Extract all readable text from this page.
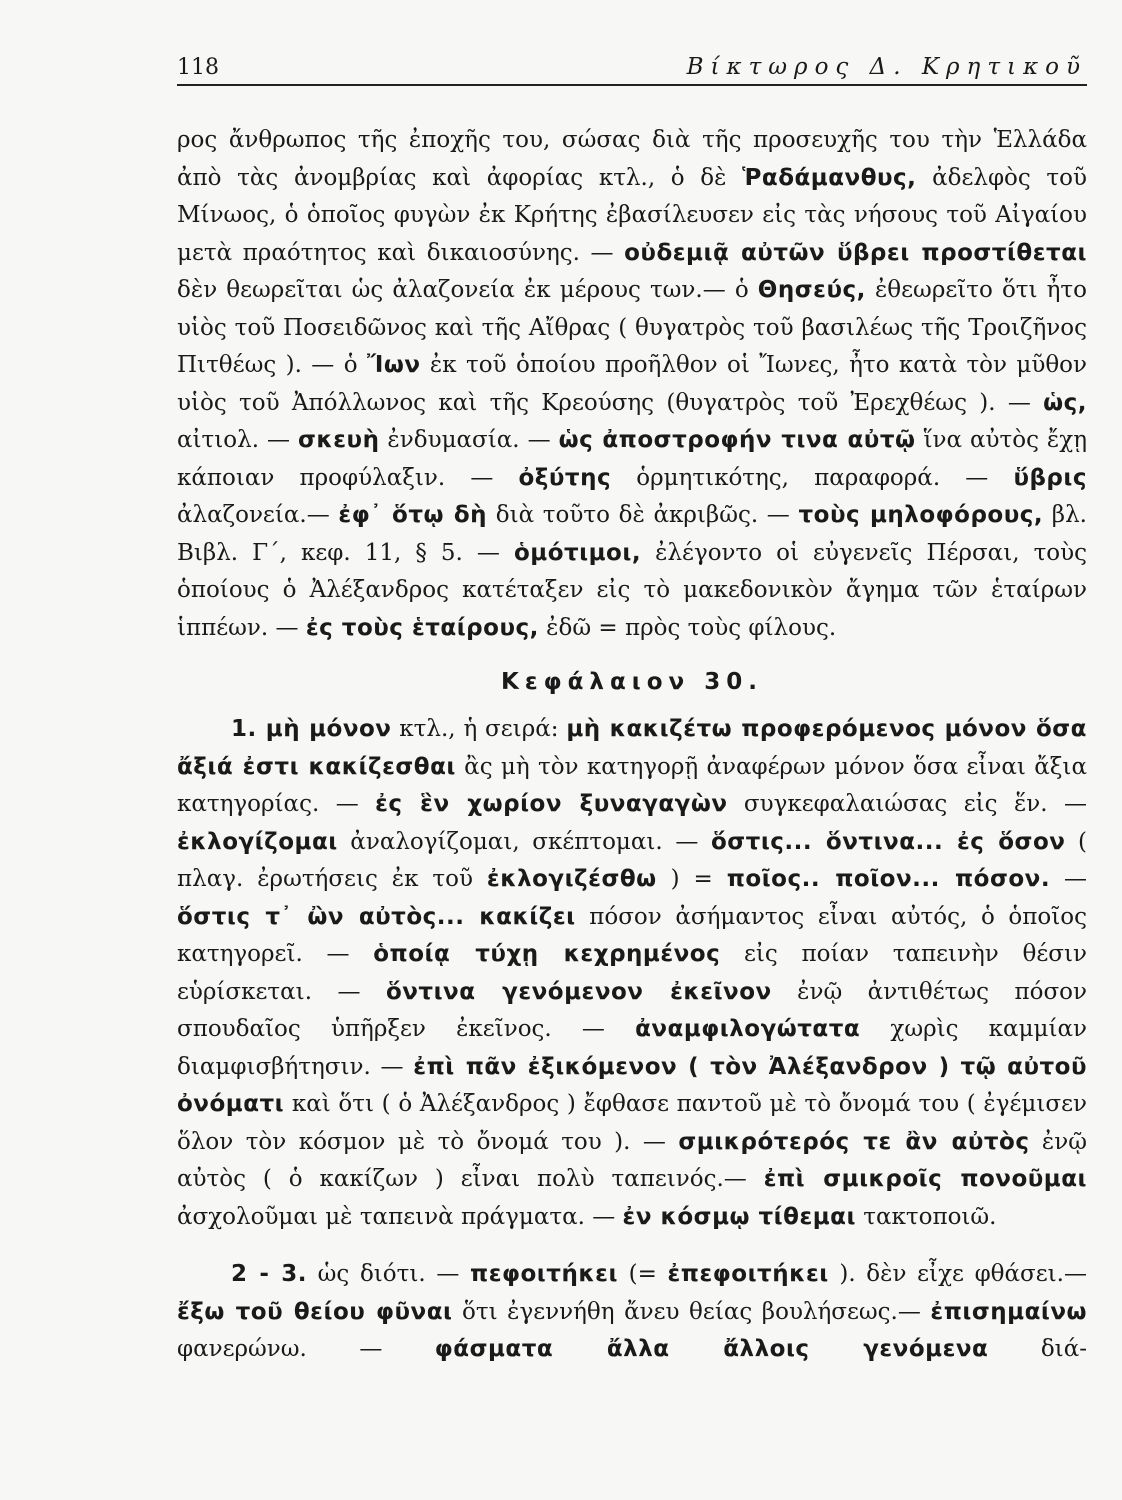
118	Βίκτωρος Δ. Κρητικοῦ

ρος ἄνθρωπος τῆς ἐποχῆς του, σώσας διὰ τῆς προσευχῆς του τὴν Ἑλλάδα ἀπὸ τὰς ἀνομβρίας καὶ ἀφορίας κτλ., ὁ δὲ Ῥαδάμανθυς, ἀδελφὸς τοῦ Μίνωος, ὁ ὁποῖος φυγὼν ἐκ Κρήτης ἐβασίλευσεν εἰς τὰς νήσους τοῦ Αἰγαίου μετὰ πραότητος καὶ δικαιοσύνης. — οὐδεμιᾷ αὐτῶν ὕβρει προστίθεται δὲν θεωρεῖται ὡς ἀλαζονεία ἐκ μέρους των.— ὁ Θησεύς, ἐθεωρεῖτο ὅτι ἦτο υἱὸς τοῦ Ποσειδῶνος καὶ τῆς Αἴθρας ( θυγατρὸς τοῦ βασιλέως τῆς Τροιζῆνος Πιτθέως ). — ὁ Ἴων ἐκ τοῦ ὁποίου προῆλθον οἱ Ἴωνες, ἦτο κατὰ τὸν μῦθον υἱὸς τοῦ Ἀπόλλωνος καὶ τῆς Κρεούσης (θυγατρὸς τοῦ Ἐρεχθέως ). — ὡς, αἰτιολ. — σκευὴ ἐνδυμασία. — ὡς ἀποστροφήν τινα αὐτῷ ἵνα αὐτὸς ἔχῃ κάποιαν προφύλαξιν. — ὀξύτης ὁρμητικότης, παραφορά. — ὕβρις ἀλαζονεία.— ἐφ᾽ ὅτῳ δὴ διὰ τοῦτο δὲ ἀκριβῶς. — τοὺς μηλοφόρους, βλ. Βιβλ. Γ΄, κεφ. 11, § 5. — ὁμότιμοι, ἐλέγοντο οἱ εὐγενεῖς Πέρσαι, τοὺς ὁποίους ὁ Ἀλέξανδρος κατέταξεν εἰς τὸ μακεδονικὸν ἄγημα τῶν ἑταίρων ἱππέων. — ἐς τοὺς ἑταίρους, ἐδῶ = πρὸς τοὺς φίλους.

Κεφάλαιον 30.

1. μὴ μόνον κτλ., ἡ σειρά: μὴ κακιζέτω προφερόμενος μόνον ὅσα ἄξιά ἐστι κακίζεσθαι ἂς μὴ τὸν κατηγορῇ ἀναφέρων μόνον ὅσα εἶναι ἄξια κατηγορίας. — ἐς ἓν χωρίον ξυναγαγὼν συγκεφαλαιώσας εἰς ἕν. — ἐκλογίζομαι ἀναλογίζομαι, σκέπτομαι. — ὅστις... ὅντινα... ἐς ὅσον ( πλαγ. ἐρωτήσεις ἐκ τοῦ ἐκλογιζέσθω ) = ποῖος.. ποῖον... πόσον. — ὅστις τ᾽ ὢν αὐτὸς... κακίζει πόσον ἀσήμαντος εἶναι αὐτός, ὁ ὁποῖος κατηγορεῖ. — ὁποίᾳ τύχῃ κεχρημένος εἰς ποίαν ταπεινὴν θέσιν εὑρίσκεται. — ὅντινα γενόμενον ἐκεῖνον ἐνῷ ἀντιθέτως πόσον σπουδαῖος ὑπῆρξεν ἐκεῖνος. — ἀναμφιλογώτατα χωρὶς καμμίαν διαμφισβήτησιν. — ἐπὶ πᾶν ἐξικόμενον ( τὸν Ἀλέξανδρον ) τῷ αὐτοῦ ὀνόματι καὶ ὅτι ( ὁ Ἀλέξανδρος ) ἔφθασε παντοῦ μὲ τὸ ὄνομά του ( ἐγέμισεν ὅλον τὸν κόσμον μὲ τὸ ὄνομά του ). — σμικρότερός τε ἂν αὐτὸς ἐνῷ αὐτὸς ( ὁ κακίζων ) εἶναι πολὺ ταπεινός.— ἐπὶ σμικροῖς πονοῦμαι ἀσχολοῦμαι μὲ ταπεινὰ πράγματα. — ἐν κόσμῳ τίθεμαι τακτοποιῶ.

2 - 3. ὡς διότι. — πεφοιτήκει (= ἐπεφοιτήκει ). δὲν εἶχε φθάσει.— ἔξω τοῦ θείου φῦναι ὅτι ἐγεννήθη ἄνευ θείας βουλήσεως.— ἐπισημαίνω φανερώνω. — φάσματα ἄλλα ἄλλοις γενόμενα διά-
